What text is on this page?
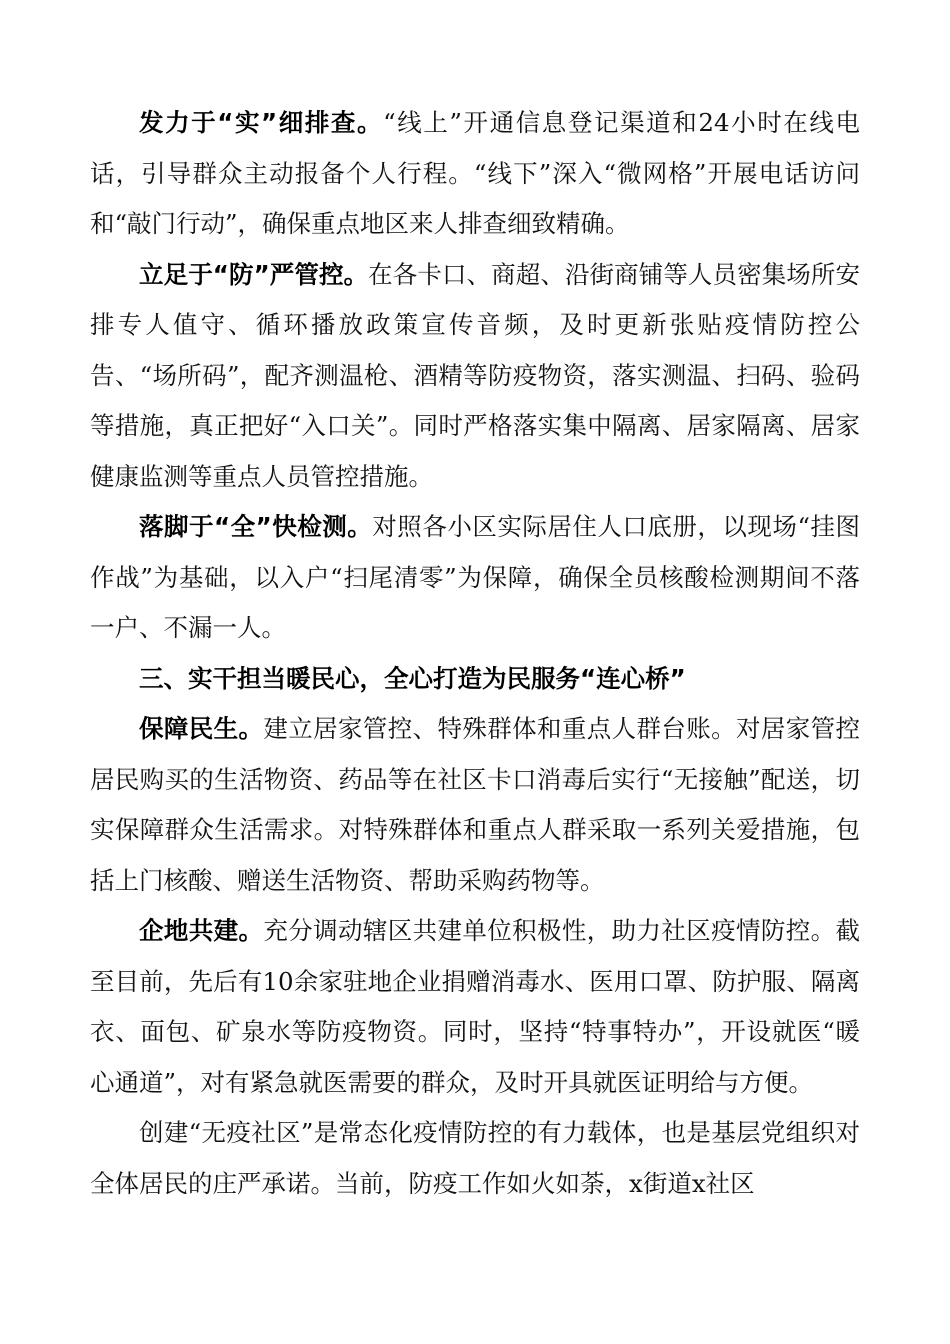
发力于“实”细排查。“线上”开通信息登记渠道和24小时在线电话，引导群众主动报备个人行程。“线下”深入“微网格”开展电话访问和“敲门行动”，确保重点地区来人排查细致精确。

立足于“防”严管控。在各卡口、商超、沿街商铺等人员密集场所安排专人值守、循环播放政策宣传音频，及时更新张贴疫情防控公告、“场所码”，配齐测温枪、酒精等防疫物资，落实测温、扫码、验码等措施，真正把好“入口关”。同时严格落实集中隔离、居家隔离、居家健康监测等重点人员管控措施。

落脚于“全”快检测。对照各小区实际居住人口底册，以现场“挂图作战”为基础，以入户“扫尾清零”为保障，确保全员核酸检测期间不落一户、不漏一人。

三、实干担当暖民心，全心打造为民服务“连心桥”

保障民生。建立居家管控、特殊群体和重点人群台账。对居家管控居民购买的生活物资、药品等在社区卡口消毒后实行“无接触”配送，切实保障群众生活需求。对特殊群体和重点人群采取一系列关爱措施，包括上门核酸、赠送生活物资、帮助采购药物等。

企地共建。充分调动辖区共建单位积极性，助力社区疫情防控。截至目前，先后有10余家驻地企业捐赠消毒水、医用口罩、防护服、隔离衣、面包、矿泉水等防疫物资。同时，坚持“特事特办”，开设就医“暖心通道”，对有紧急就医需要的群众，及时开具就医证明给与方便。

创建“无疫社区”是常态化疫情防控的有力载体，也是基层党组织对全体居民的庄严承诺。当前，防疫工作如火如荼，x街道x社区
